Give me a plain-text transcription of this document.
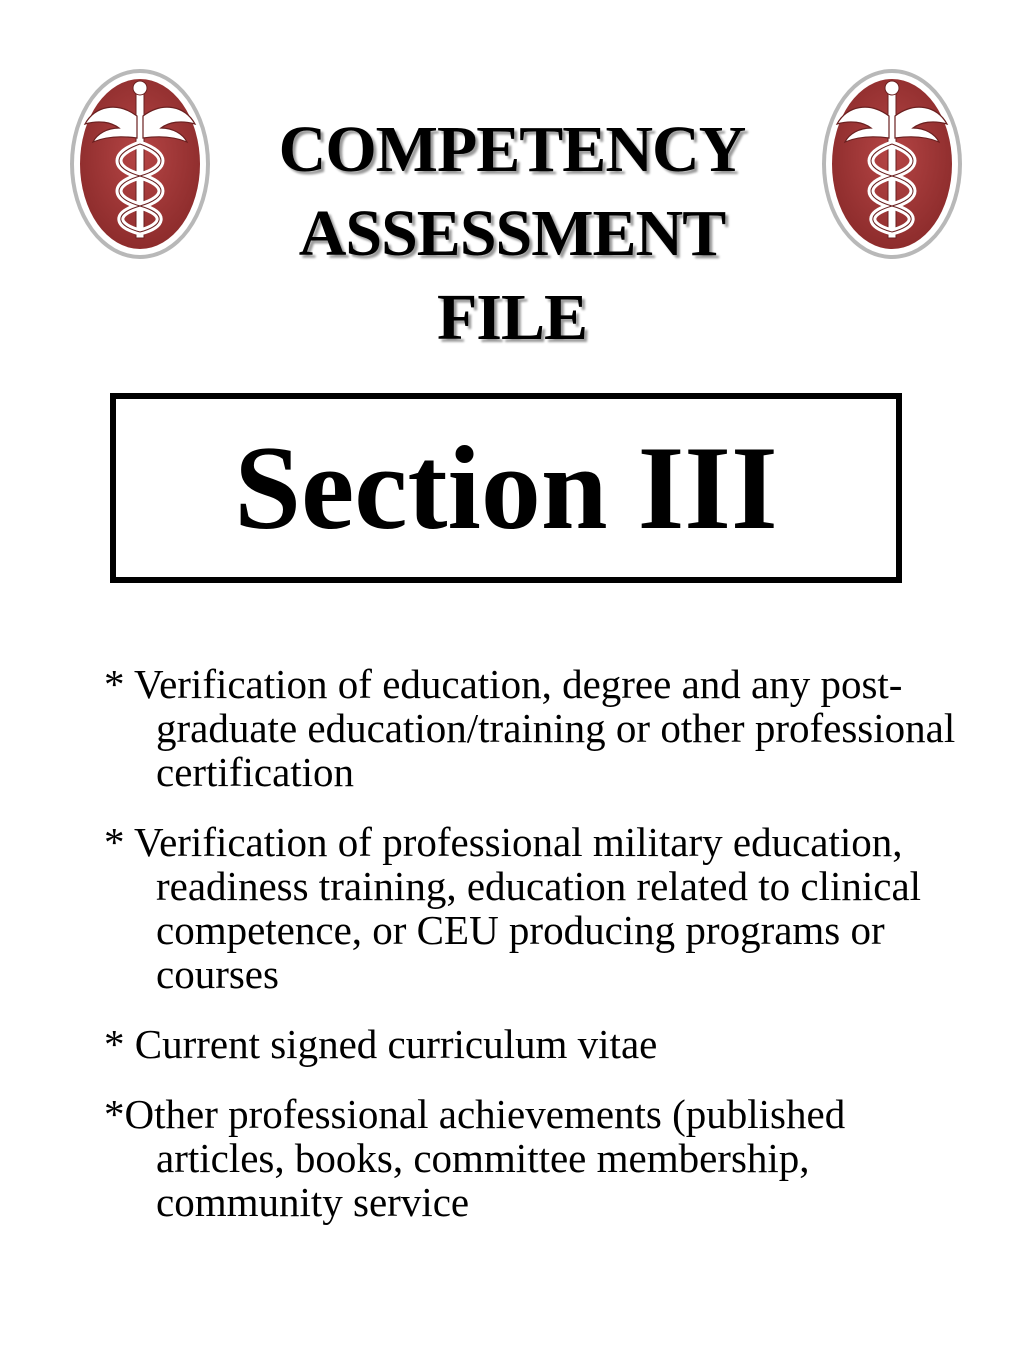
COMPETENCY
ASSESSMENT
FILE
Section III
* Verification of education, degree and any post-graduate education/training or other professional certification
* Verification of professional military education, readiness training, education related to clinical competence, or CEU producing programs or courses
* Current signed curriculum vitae
*Other professional achievements (published articles, books, committee membership, community service
